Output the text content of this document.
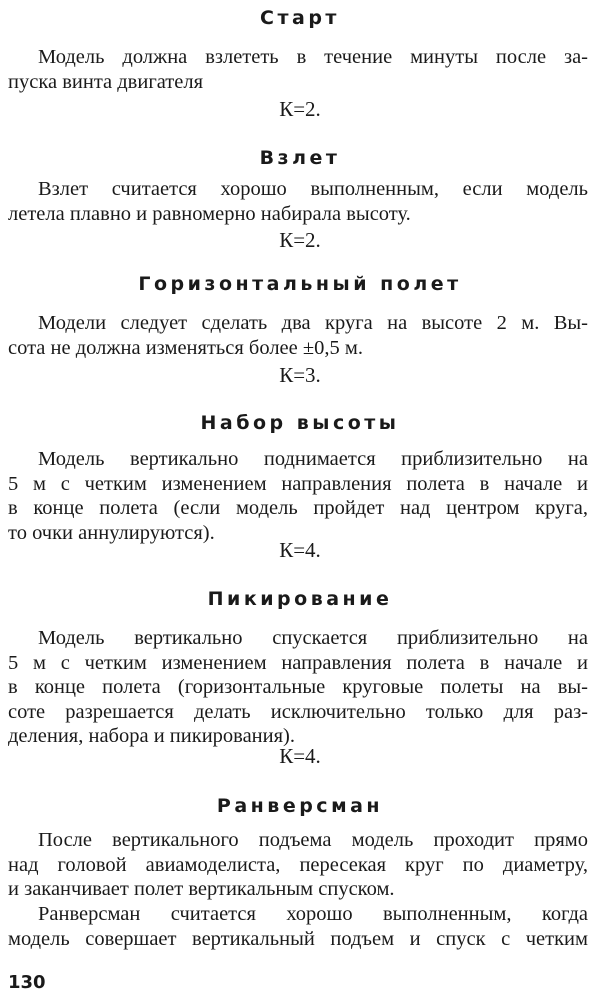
Старт
Модель должна взлететь в течение минуты после за-
пуска винта двигателя
К=2.
Взлет
Взлет считается хорошо выполненным, если модель
летела плавно и равномерно набирала высоту.
К=2.
Горизонтальный полет
Модели следует сделать два круга на высоте 2 м. Вы-
сота не должна изменяться более ±0,5 м.
К=3.
Набор высоты
Модель вертикально поднимается приблизительно на
5 м с четким изменением направления полета в начале и
в конце полета (если модель пройдет над центром круга,
то очки аннулируются).
К=4.
Пикирование
Модель вертикально спускается приблизительно на
5 м с четким изменением направления полета в начале и
в конце полета (горизонтальные круговые полеты на вы-
соте разрешается делать исключительно только для раз-
деления, набора и пикирования).
К=4.
Ранверсман
После вертикального подъема модель проходит прямо
над головой авиамоделиста, пересекая круг по диаметру,
и заканчивает полет вертикальным спуском.
Ранверсман считается хорошо выполненным, когда
модель совершает вертикальный подъем и спуск с четким
130
